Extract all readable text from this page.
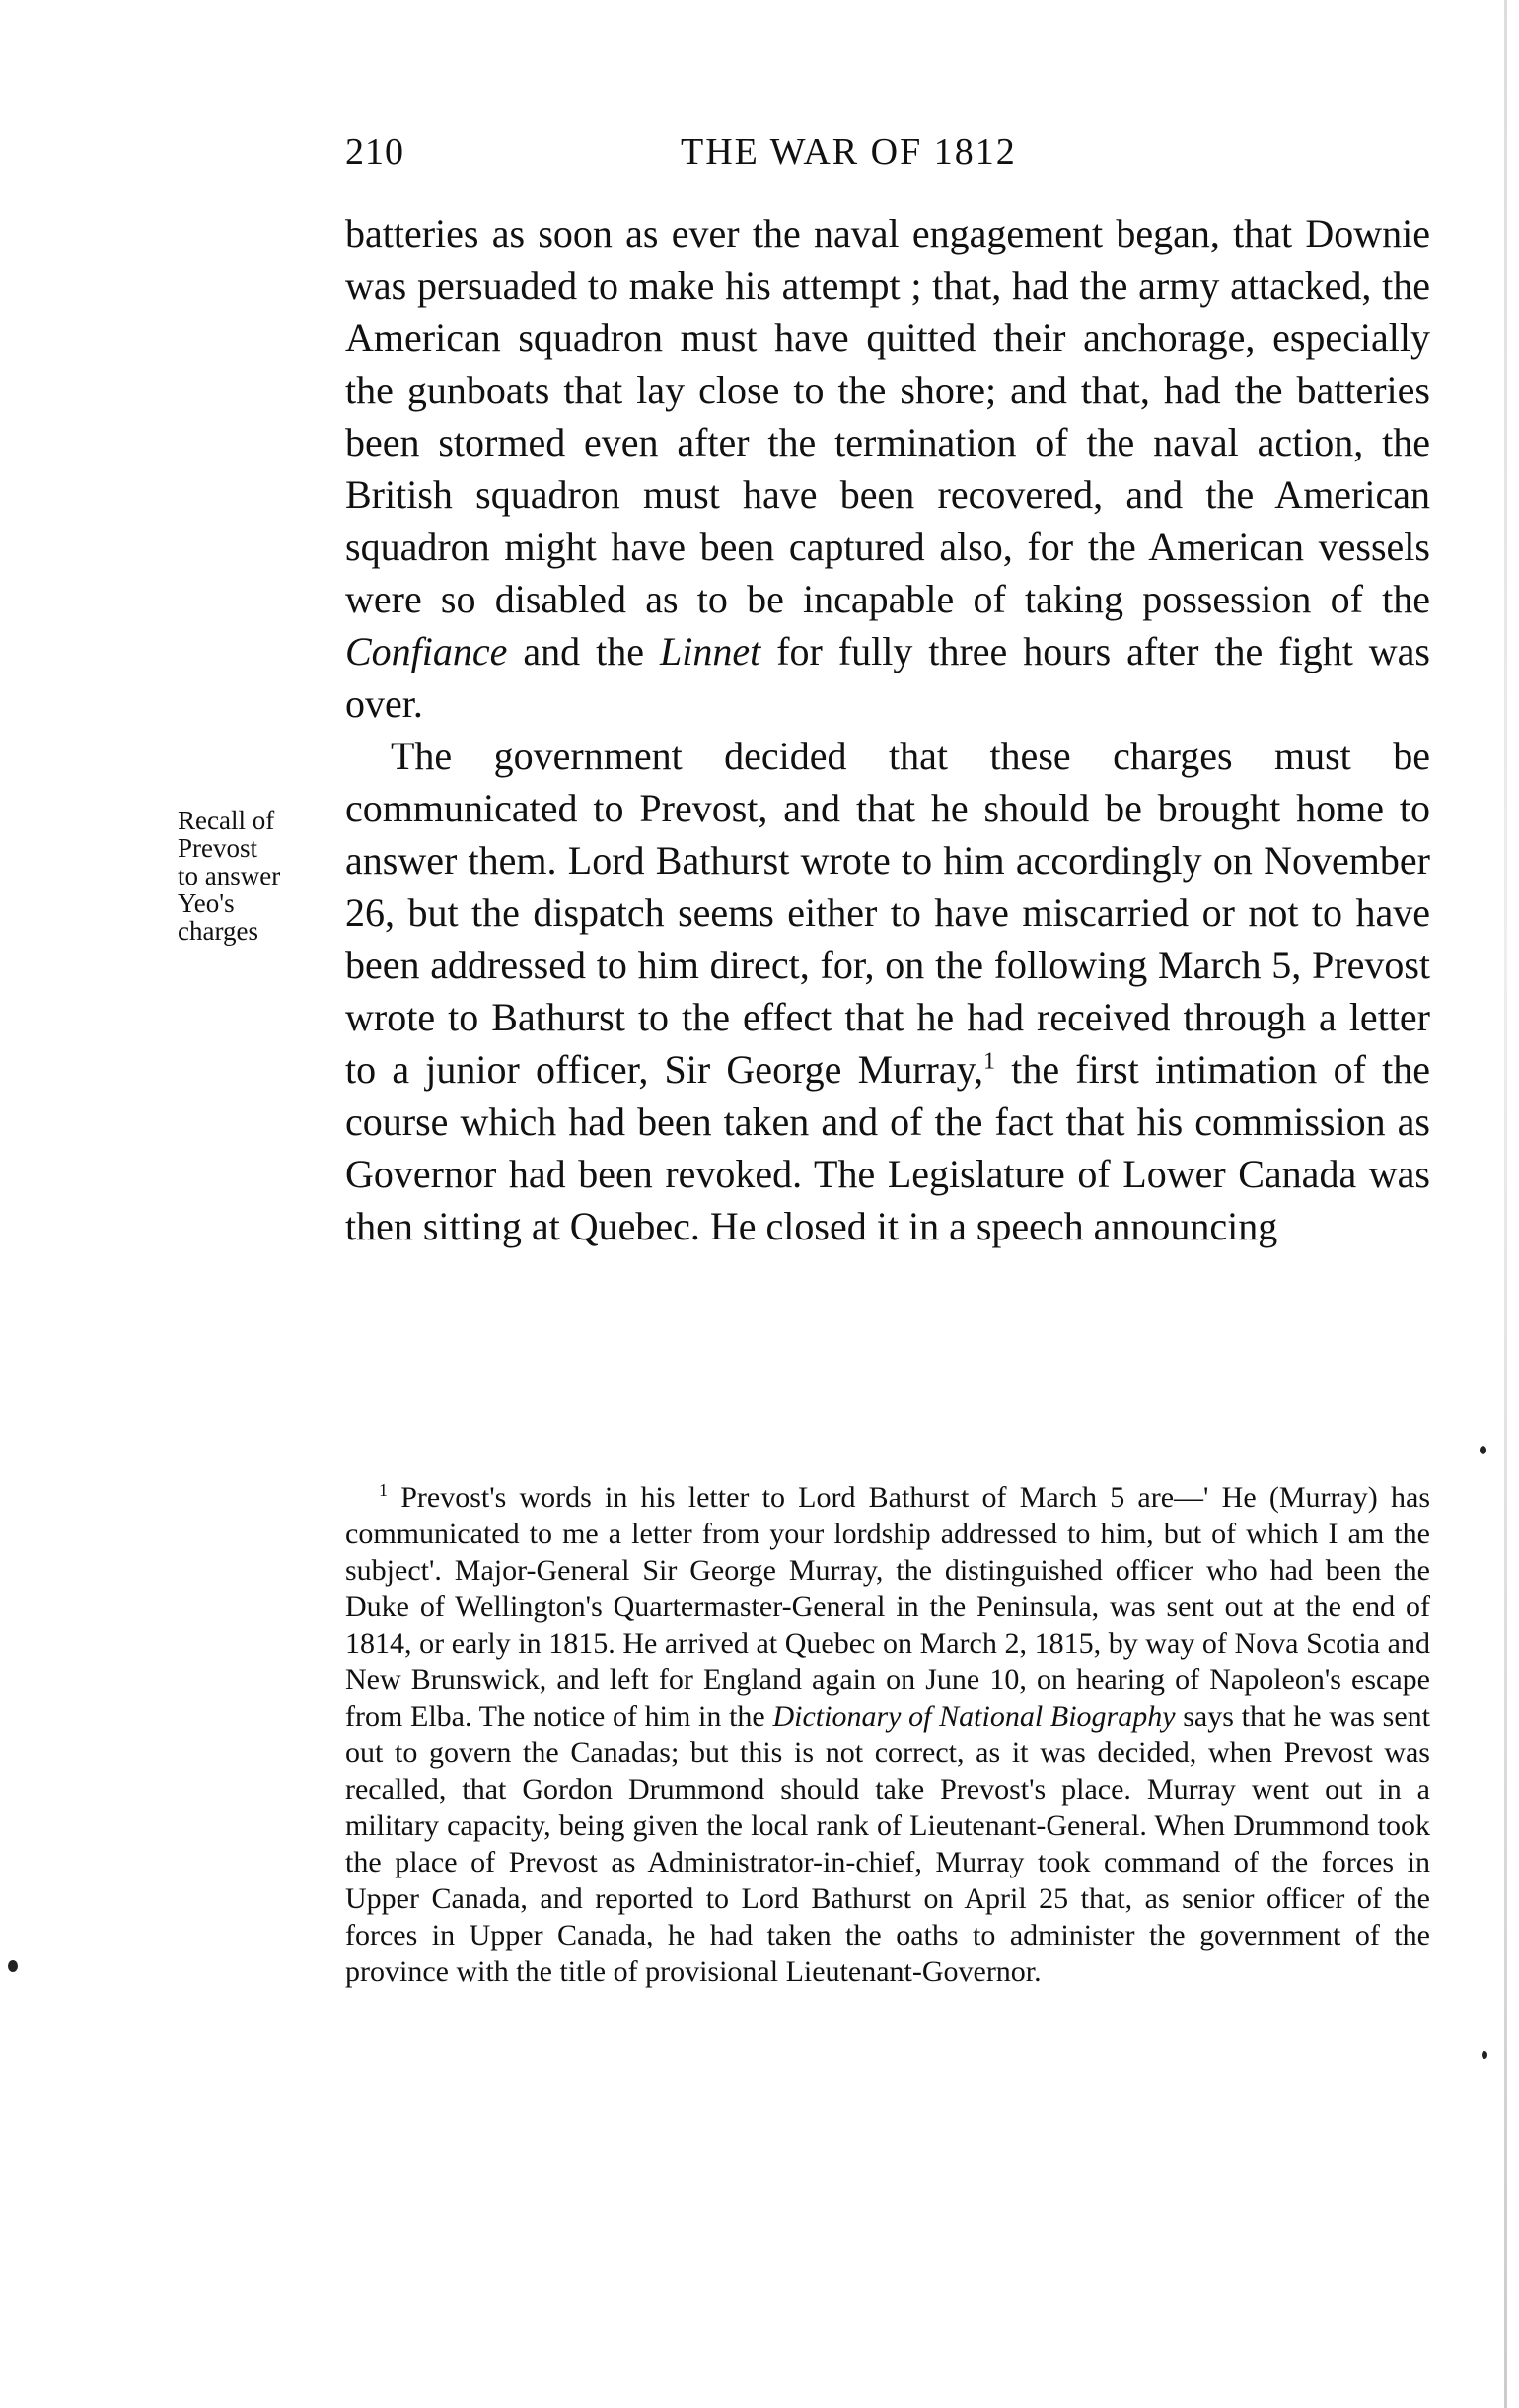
210	THE WAR OF 1812
Recall of
Prevost
to answer
Yeo's
charges

batteries as soon as ever the naval engagement began, that Downie was persuaded to make his attempt ; that, had the army attacked, the American squadron must have quitted their anchorage, especially the gunboats that lay close to the shore; and that, had the batteries been stormed even after the termination of the naval action, the British squadron must have been recovered, and the American squadron might have been captured also, for the American vessels were so disabled as to be incapable of taking possession of the Confiance and the Linnet for fully three hours after the fight was over.

The government decided that these charges must be communicated to Prevost, and that he should be brought home to answer them. Lord Bathurst wrote to him accordingly on November 26, but the dispatch seems either to have miscarried or not to have been addressed to him direct, for, on the following March 5, Prevost wrote to Bathurst to the effect that he had received through a letter to a junior officer, Sir George Murray,$^1$ the first intimation of the course which had been taken and of the fact that his commission as Governor had been revoked. The Legislature of Lower Canada was then sitting at Quebec. He closed it in a speech announcing

$^1$ Prevost's words in his letter to Lord Bathurst of March 5 are—' He (Murray) has communicated to me a letter from your lordship addressed to him, but of which I am the subject'. Major-General Sir George Murray, the distinguished officer who had been the Duke of Wellington's Quartermaster-General in the Peninsula, was sent out at the end of 1814, or early in 1815. He arrived at Quebec on March 2, 1815, by way of Nova Scotia and New Brunswick, and left for England again on June 10, on hearing of Napoleon's escape from Elba. The notice of him in the Dictionary of National Biography says that he was sent out to govern the Canadas; but this is not correct, as it was decided, when Prevost was recalled, that Gordon Drummond should take Prevost's place. Murray went out in a military capacity, being given the local rank of Lieutenant-General. When Drummond took the place of Prevost as Administrator-in-chief, Murray took command of the forces in Upper Canada, and reported to Lord Bathurst on April 25 that, as senior officer of the forces in Upper Canada, he had taken the oaths to administer the government of the province with the title of provisional Lieutenant-Governor.
